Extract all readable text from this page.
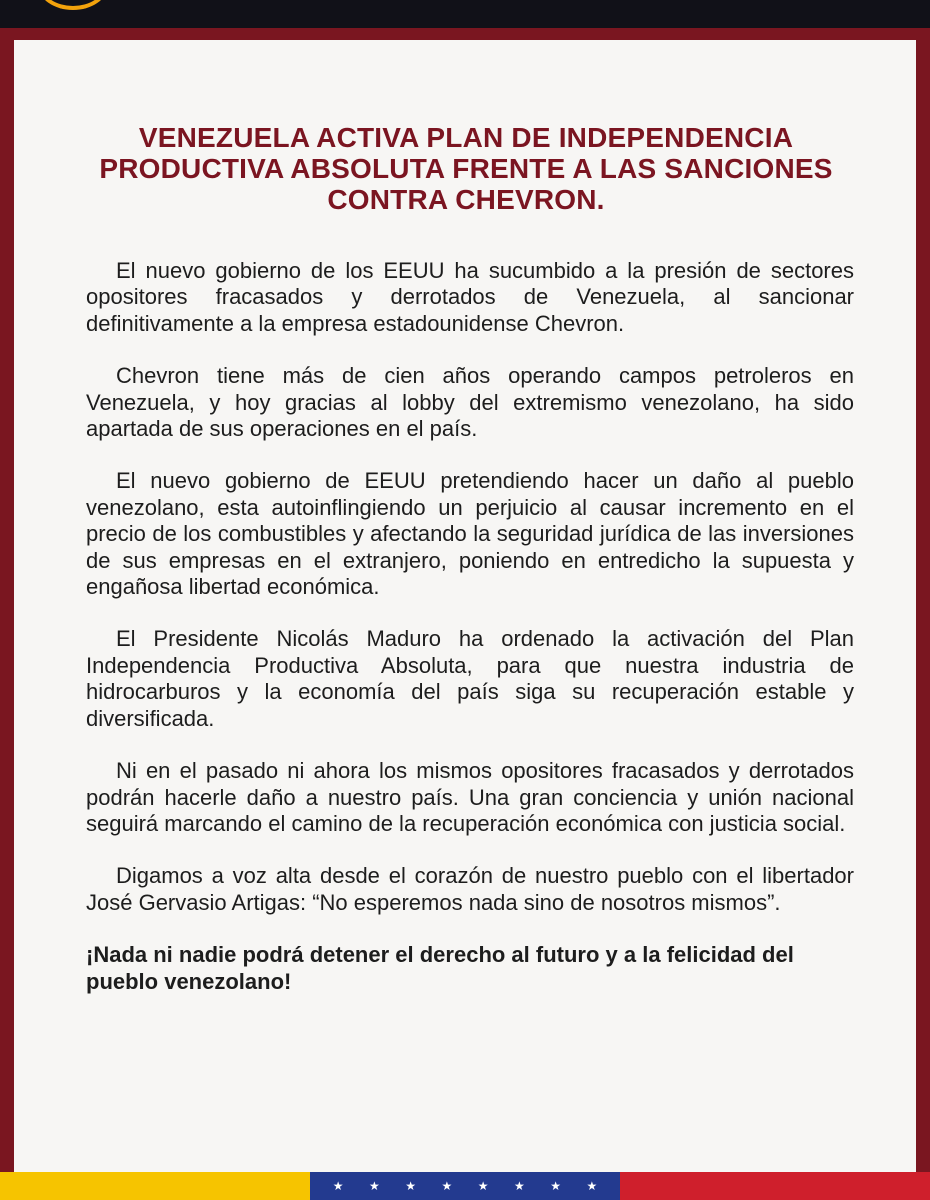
VENEZUELA ACTIVA PLAN DE INDEPENDENCIA PRODUCTIVA ABSOLUTA FRENTE A LAS SANCIONES CONTRA CHEVRON.

El nuevo gobierno de los EEUU ha sucumbido a la presión de sectores opositores fracasados y derrotados de Venezuela, al sancionar definitivamente a la empresa estadounidense Chevron.

Chevron tiene más de cien años operando campos petroleros en Venezuela, y hoy gracias al lobby del extremismo venezolano, ha sido apartada de sus operaciones en el país.

El nuevo gobierno de EEUU pretendiendo hacer un daño al pueblo venezolano, esta autoinflingiendo un perjuicio al causar incremento en el precio de los combustibles y afectando la seguridad jurídica de las inversiones de sus empresas en el extranjero, poniendo en entredicho la supuesta y engañosa libertad económica.

El Presidente Nicolás Maduro ha ordenado la activación del Plan Independencia Productiva Absoluta, para que nuestra industria de hidrocarburos y la economía del país siga su recuperación estable y diversificada.

Ni en el pasado ni ahora los mismos opositores fracasados y derrotados podrán hacerle daño a nuestro país. Una gran conciencia y unión nacional seguirá marcando el camino de la recuperación económica con justicia social.

Digamos a voz alta desde el corazón de nuestro pueblo con el libertador José Gervasio Artigas: “No esperemos nada sino de nosotros mismos”.

¡Nada ni nadie podrá detener el derecho al futuro y a la felicidad del pueblo venezolano!

★ ★ ★ ★ ★ ★ ★ ★
